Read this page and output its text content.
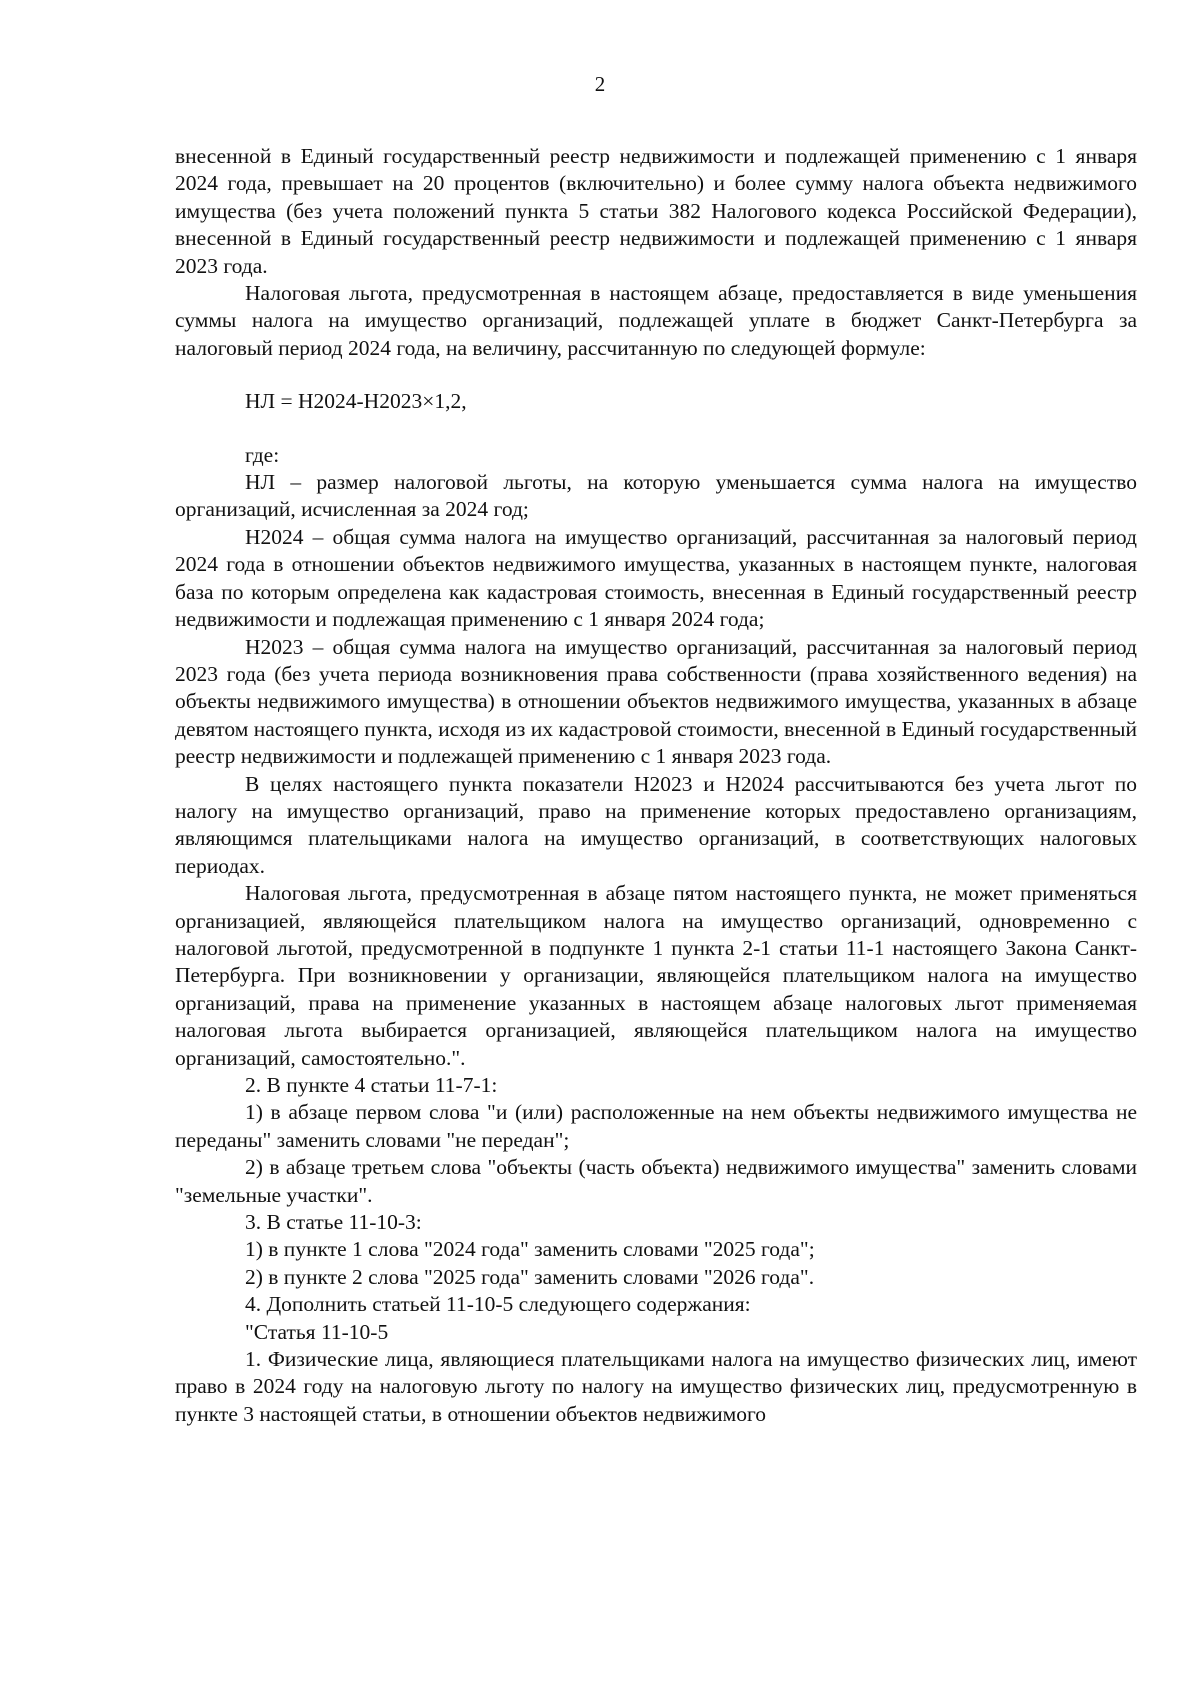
2

внесенной в Единый государственный реестр недвижимости и подлежащей применению с 1 января 2024 года, превышает на 20 процентов (включительно) и более сумму налога объекта недвижимого имущества (без учета положений пункта 5 статьи 382 Налогового кодекса Российской Федерации), внесенной в Единый государственный реестр недвижимости и подлежащей применению с 1 января 2023 года.

Налоговая льгота, предусмотренная в настоящем абзаце, предоставляется в виде уменьшения суммы налога на имущество организаций, подлежащей уплате в бюджет Санкт-Петербурга за налоговый период 2024 года, на величину, рассчитанную по следующей формуле:

НЛ = Н2024-Н2023×1,2,

где:

НЛ – размер налоговой льготы, на которую уменьшается сумма налога на имущество организаций, исчисленная за 2024 год;

Н2024 – общая сумма налога на имущество организаций, рассчитанная за налоговый период 2024 года в отношении объектов недвижимого имущества, указанных в настоящем пункте, налоговая база по которым определена как кадастровая стоимость, внесенная в Единый государственный реестр недвижимости и подлежащая применению с 1 января 2024 года;

Н2023 – общая сумма налога на имущество организаций, рассчитанная за налоговый период 2023 года (без учета периода возникновения права собственности (права хозяйственного ведения) на объекты недвижимого имущества) в отношении объектов недвижимого имущества, указанных в абзаце девятом настоящего пункта, исходя из их кадастровой стоимости, внесенной в Единый государственный реестр недвижимости и подлежащей применению с 1 января 2023 года.

В целях настоящего пункта показатели Н2023 и Н2024 рассчитываются без учета льгот по налогу на имущество организаций, право на применение которых предоставлено организациям, являющимся плательщиками налога на имущество организаций, в соответствующих налоговых периодах.

Налоговая льгота, предусмотренная в абзаце пятом настоящего пункта, не может применяться организацией, являющейся плательщиком налога на имущество организаций, одновременно с налоговой льготой, предусмотренной в подпункте 1 пункта 2-1 статьи 11-1 настоящего Закона Санкт-Петербурга. При возникновении у организации, являющейся плательщиком налога на имущество организаций, права на применение указанных в настоящем абзаце налоговых льгот применяемая налоговая льгота выбирается организацией, являющейся плательщиком налога на имущество организаций, самостоятельно.".

2. В пункте 4 статьи 11-7-1:

1) в абзаце первом слова "и (или) расположенные на нем объекты недвижимого имущества не переданы" заменить словами "не передан";

2) в абзаце третьем слова "объекты (часть объекта) недвижимого имущества" заменить словами "земельные участки".

3. В статье 11-10-3:

1) в пункте 1 слова "2024 года" заменить словами "2025 года";

2) в пункте 2 слова "2025 года" заменить словами "2026 года".

4. Дополнить статьей 11-10-5 следующего содержания:

"Статья 11-10-5

1. Физические лица, являющиеся плательщиками налога на имущество физических лиц, имеют право в 2024 году на налоговую льготу по налогу на имущество физических лиц, предусмотренную в пункте 3 настоящей статьи, в отношении объектов недвижимого
